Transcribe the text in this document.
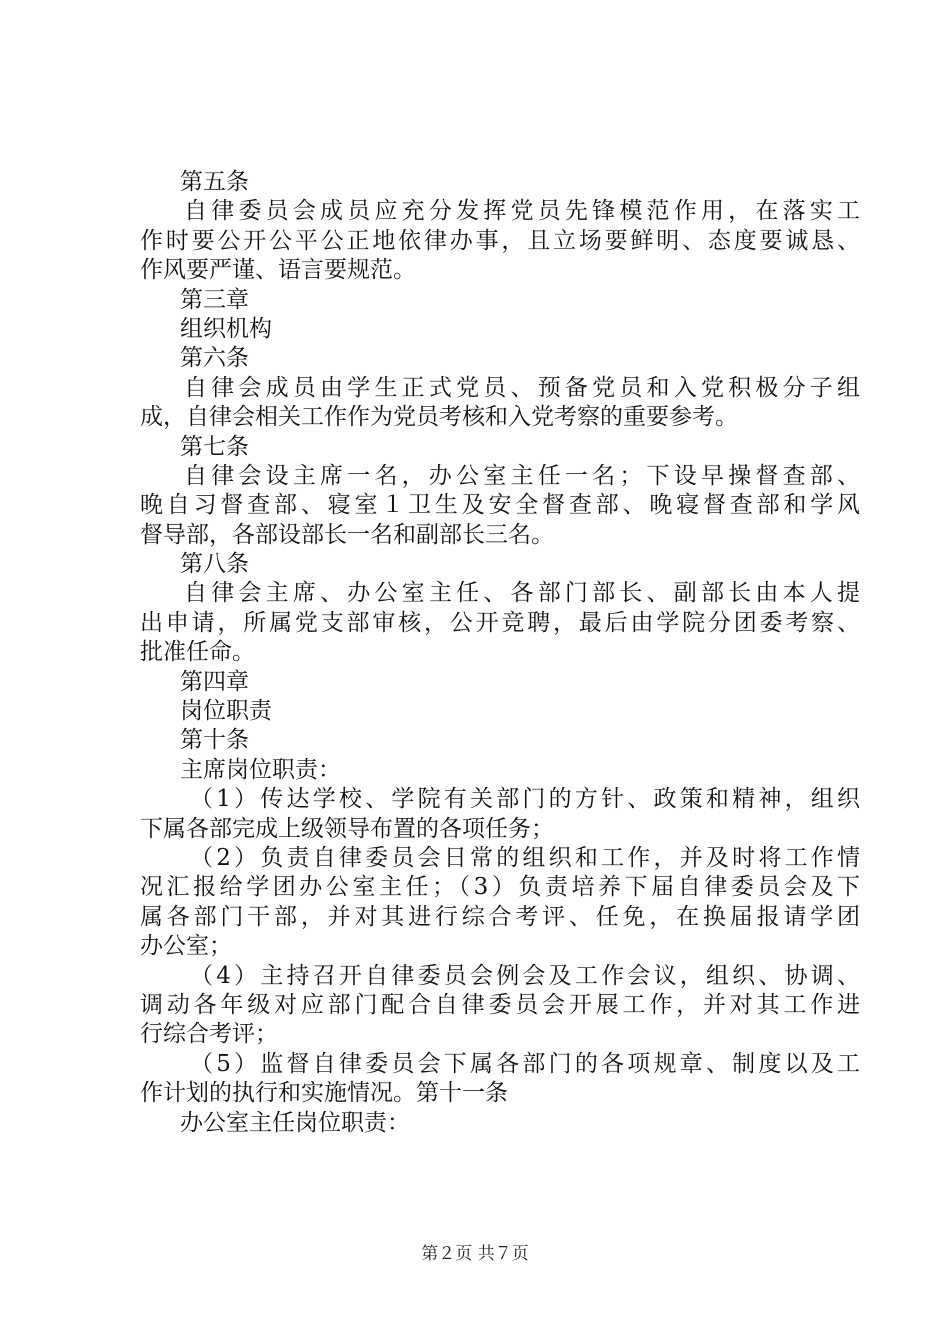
第五条
自律委员会成员应充分发挥党员先锋模范作用，在落实工
作时要公开公平公正地依律办事，且立场要鲜明、态度要诚恳、
作风要严谨、语言要规范。
第三章
组织机构
第六条
自律会成员由学生正式党员、预备党员和入党积极分子组
成，自律会相关工作作为党员考核和入党考察的重要参考。
第七条
自律会设主席一名，办公室主任一名；下设早操督查部、
晚自习督查部、寝室１卫生及安全督查部、晚寝督查部和学风
督导部，各部设部长一名和副部长三名。
第八条
自律会主席、办公室主任、各部门部长、副部长由本人提
出申请，所属党支部审核，公开竞聘，最后由学院分团委考察、
批准任命。
第四章
岗位职责
第十条
主席岗位职责：
（1）传达学校、学院有关部门的方针、政策和精神，组织
下属各部完成上级领导布置的各项任务；
（2）负责自律委员会日常的组织和工作，并及时将工作情
况汇报给学团办公室主任；（3）负责培养下届自律委员会及下
属各部门干部，并对其进行综合考评、任免，在换届报请学团
办公室；
（4）主持召开自律委员会例会及工作会议，组织、协调、
调动各年级对应部门配合自律委员会开展工作，并对其工作进
行综合考评；
（5）监督自律委员会下属各部门的各项规章、制度以及工
作计划的执行和实施情况。第十一条
办公室主任岗位职责：
第２页 共７页
